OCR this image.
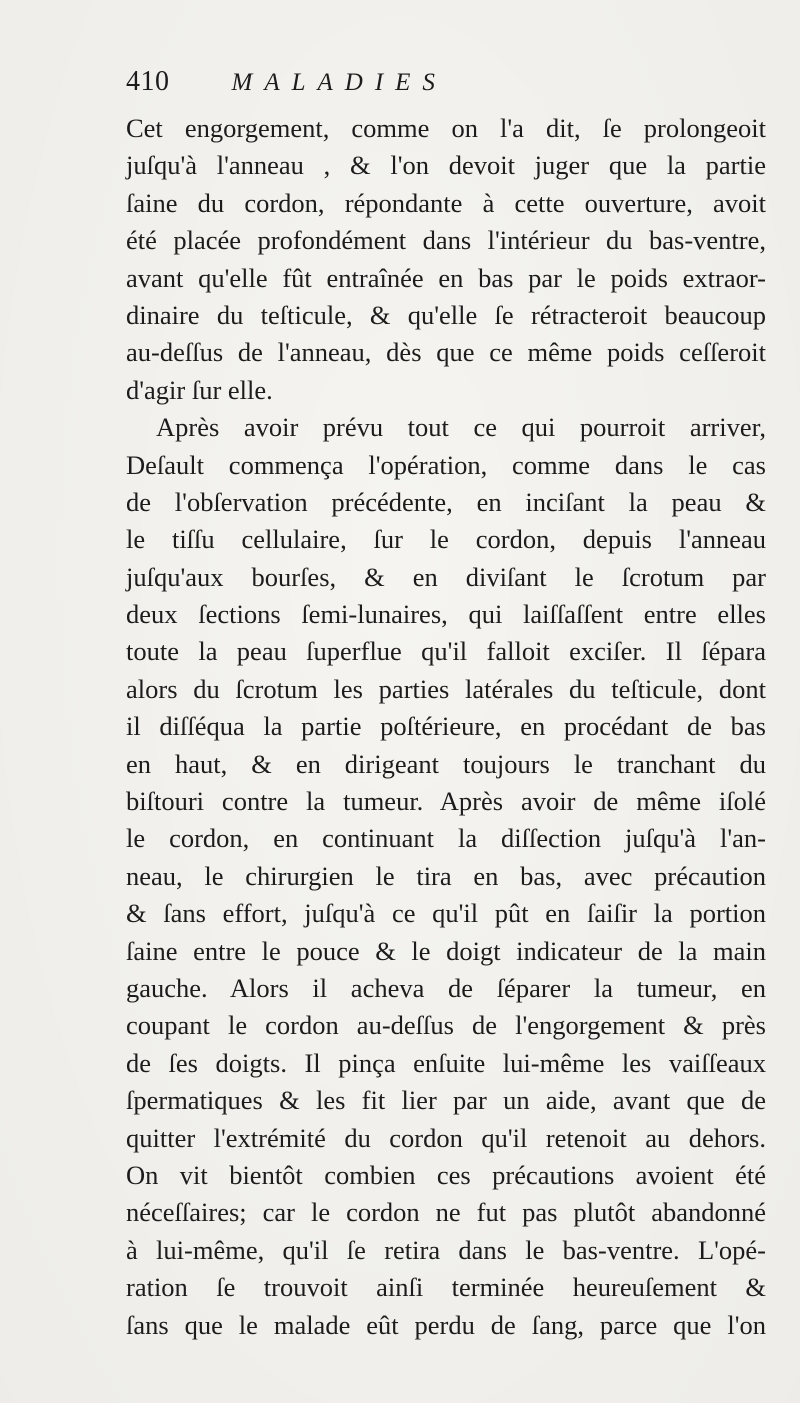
410 MALADIES
Cet engorgement, comme on l'a dit, ſe prolongeoit
juſqu'à l'anneau , & l'on devoit juger que la partie
ſaine du cordon, répondante à cette ouverture, avoit
été placée profondément dans l'intérieur du bas-ventre,
avant qu'elle fût entraînée en bas par le poids extraor-
dinaire du teſticule, & qu'elle ſe rétracteroit beaucoup
au-deſſus de l'anneau, dès que ce même poids ceſſeroit
d'agir ſur elle.
Après avoir prévu tout ce qui pourroit arriver,
Deſault commença l'opération, comme dans le cas
de l'obſervation précédente, en inciſant la peau &
le tiſſu cellulaire, ſur le cordon, depuis l'anneau
juſqu'aux bourſes, & en diviſant le ſcrotum par
deux ſections ſemi-lunaires, qui laiſſaſſent entre elles
toute la peau ſuperflue qu'il falloit exciſer. Il ſépara
alors du ſcrotum les parties latérales du teſticule, dont
il diſſéqua la partie poſtérieure, en procédant de bas
en haut, & en dirigeant toujours le tranchant du
biſtouri contre la tumeur. Après avoir de même iſolé
le cordon, en continuant la diſſection juſqu'à l'an-
neau, le chirurgien le tira en bas, avec précaution
& ſans effort, juſqu'à ce qu'il pût en ſaiſir la portion
ſaine entre le pouce & le doigt indicateur de la main
gauche. Alors il acheva de ſéparer la tumeur, en
coupant le cordon au-deſſus de l'engorgement & près
de ſes doigts. Il pinça enſuite lui-même les vaiſſeaux
ſpermatiques & les fit lier par un aide, avant que de
quitter l'extrémité du cordon qu'il retenoit au dehors.
On vit bientôt combien ces précautions avoient été
néceſſaires; car le cordon ne fut pas plutôt abandonné
à lui-même, qu'il ſe retira dans le bas-ventre. L'opé-
ration ſe trouvoit ainſi terminée heureuſement &
ſans que le malade eût perdu de ſang, parce que l'on
